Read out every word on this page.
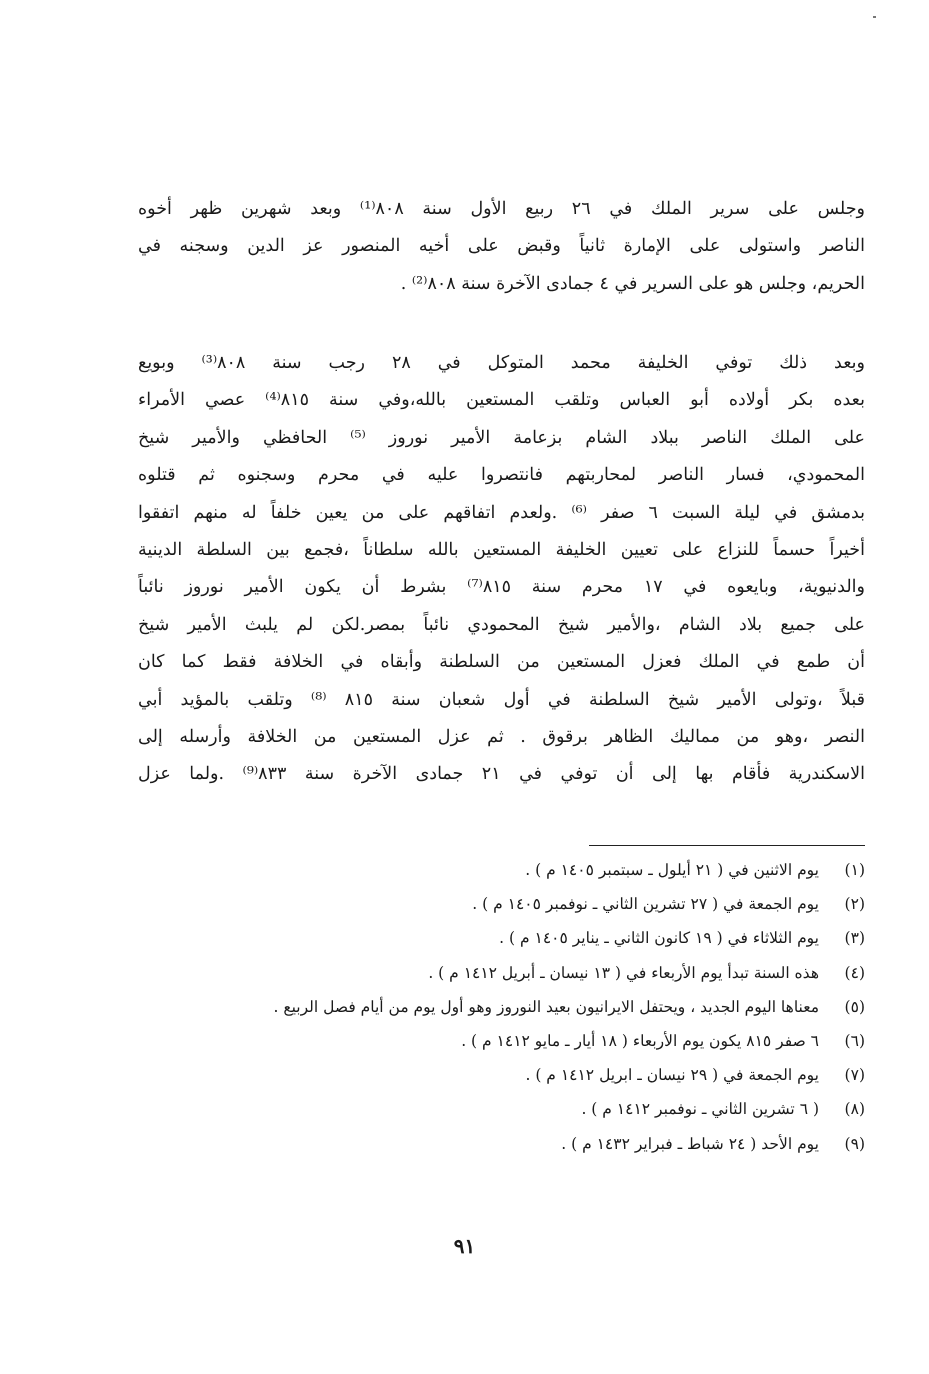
وجلس على سرير الملك في ٢٦ ربيع الأول سنة ٨٠٨⁽¹⁾ وبعد شهرين ظهر أخوه
الناصر واستولى على الإمارة ثانياً وقبض على أخيه المنصور عز الدين وسجنه في
الحريم، وجلس هو على السرير في ٤ جمادى الآخرة سنة ٨٠٨⁽²⁾ .
وبعد ذلك توفي الخليفة محمد المتوكل في ٢٨ رجب سنة ٨٠٨⁽³⁾ وبويع
بعده بكر أولاده أبو العباس وتلقب المستعين بالله،وفي سنة ٨١٥⁽⁴⁾ عصي الأمراء
على الملك الناصر ببلاد الشام بزعامة الأمير نوروز ⁽⁵⁾ الحافظي والأمير شيخ
المحمودي، فسار الناصر لمحاربتهم فانتصروا عليه في محرم وسجنوه ثم قتلوه
بدمشق في ليلة السبت ٦ صفر ⁽⁶⁾ .ولعدم اتفاقهم على من يعين خلفاً له منهم اتفقوا
أخيراً حسماً للنزاع على تعيين الخليفة المستعين بالله سلطاناً ،فجمع بين السلطة الدينية
والدنيوية، وبايعوه في ١٧ محرم سنة ٨١٥⁽⁷⁾ بشرط أن يكون الأمير نوروز نائباً
على جميع بلاد الشام ،والأمير شيخ المحمودي نائباً بمصر.لكن لم يلبث الأمير شيخ
أن طمع في الملك فعزل المستعين من السلطنة وأبقاه في الخلافة فقط كما كان
قبلاً ،وتولى الأمير شيخ السلطنة في أول شعبان سنة ٨١٥ ⁽⁸⁾ وتلقب بالمؤيد أبي
النصر ،وهو من مماليك الظاهر برقوق . ثم عزل المستعين من الخلافة وأرسله إلى
الاسكندرية فأقام بها إلى أن توفي في ٢١ جمادى الآخرة سنة ٨٣٣⁽⁹⁾ .ولما عزل
(١)
يوم الاثنين في ( ٢١ أيلول ـ سبتمبر ١٤٠٥ م ) .
(٢)
يوم الجمعة في ( ٢٧ تشرين الثاني ـ نوفمبر ١٤٠٥ م ) .
(٣)
يوم الثلاثاء في ( ١٩ كانون الثاني ـ يناير ١٤٠٥ م ) .
(٤)
هذه السنة تبدأ يوم الأربعاء في ( ١٣ نيسان ـ أبريل ١٤١٢ م ) .
(٥)
معناها اليوم الجديد ، ويحتفل الايرانيون بعيد النوروز وهو أول يوم من أيام فصل الربيع .
(٦)
٦ صفر ٨١٥ يكون يوم الأربعاء ( ١٨ أيار ـ مايو ١٤١٢ م ) .
(٧)
يوم الجمعة في ( ٢٩ نيسان ـ ابريل ١٤١٢ م ) .
(٨)
( ٦ تشرين الثاني ـ نوفمبر ١٤١٢ م ) .
(٩)
يوم الأحد ( ٢٤ شباط ـ فبراير ١٤٣٢ م ) .
٩١
